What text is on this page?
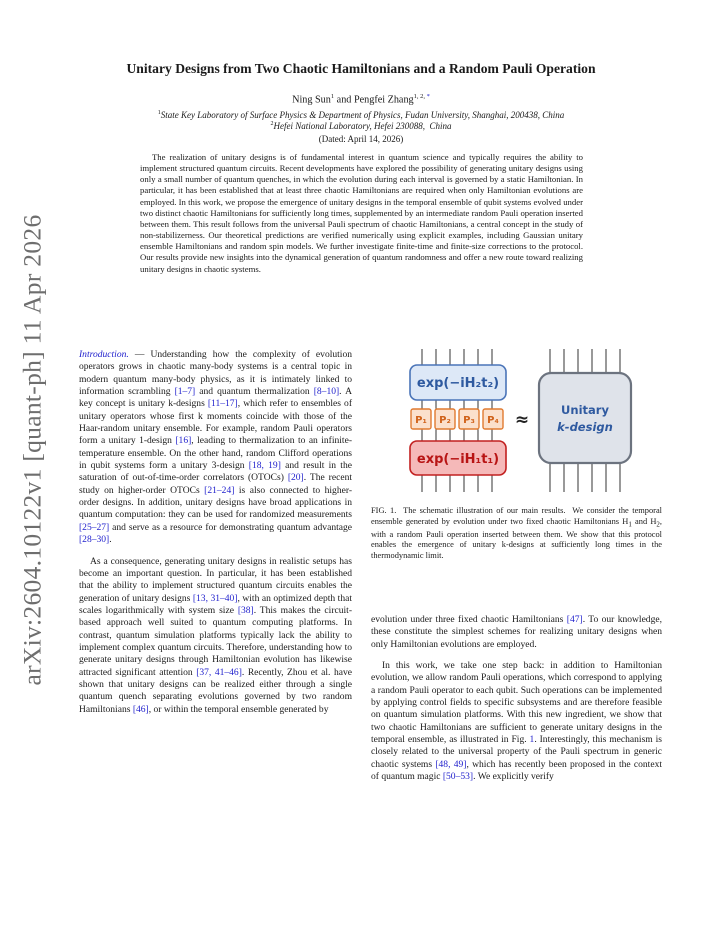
arXiv:2604.10122v1 [quant-ph] 11 Apr 2026
Unitary Designs from Two Chaotic Hamiltonians and a Random Pauli Operation
Ning Sun$^1$ and Pengfei Zhang$^{1, 2,}$ *
$^1$State Key Laboratory of Surface Physics & Department of Physics, Fudan University, Shanghai, 200438, China
$^2$Hefei National Laboratory, Hefei 230088,  China
(Dated: April 14, 2026)
The realization of unitary designs is of fundamental interest in quantum science and typically requires the ability to implement structured quantum circuits. Recent developments have explored the possibility of generating unitary designs using only a small number of quantum quenches, in which the evolution during each interval is governed by a static Hamiltonian. In particular, it has been established that at least three chaotic Hamiltonians are required when only Hamiltonian evolutions are employed. In this work, we propose the emergence of unitary designs in the temporal ensemble of qubit systems evolved under two distinct chaotic Hamiltonians for sufficiently long times, supplemented by an intermediate random Pauli operation inserted between them. This result follows from the universal Pauli spectrum of chaotic Hamiltonians, a central concept in the study of non-stabilizerness. Our theoretical predictions are verified numerically using explicit examples, including Gaussian unitary ensemble Hamiltonians and random spin models. We further investigate finite-time and finite-size corrections to the protocol. Our results provide new insights into the dynamical generation of quantum randomness and offer a new route toward realizing unitary designs in chaotic systems.

Introduction. — Understanding how the complexity of evolution operators grows in chaotic many-body systems is a central topic in modern quantum many-body physics, as it is intimately linked to information scrambling [1–7] and quantum thermalization [8–10]. A key concept is unitary k-designs [11–17], which refer to ensembles of unitary operators whose first k moments coincide with those of the Haar-random unitary ensemble. For example, random Pauli operators form a unitary 1-design [16], leading to thermalization to an infinite-temperature ensemble. On the other hand, random Clifford operations in qubit systems form a unitary 3-design [18, 19] and result in the saturation of out-of-time-order correlators (OTOCs) [20]. The recent study on higher-order OTOCs [21–24] is also connected to higher-order designs. In addition, unitary designs have broad applications in quantum computation: they can be used for randomized measurements [25–27] and serve as a resource for demonstrating quantum advantage [28–30].

As a consequence, generating unitary designs in realistic setups has become an important question. In particular, it has been established that the ability to implement structured quantum circuits enables the generation of unitary designs [13, 31–40], with an optimized depth that scales logarithmically with system size [38]. This makes the circuit-based approach well suited to quantum computing platforms. In contrast, quantum simulation platforms typically lack the ability to implement complex quantum circuits. Therefore, understanding how to generate unitary designs through Hamiltonian evolution has likewise attracted significant attention [37, 41–46]. Recently, Zhou et al. have shown that unitary designs can be realized either through a single quantum quench separating evolutions governed by two random Hamiltonians [46], or within the temporal ensemble generated by

exp(−iH₂t₂)
exp(−iH₁t₁)
P₁ P₂ P₃ P₄ ≈	Unitary
k-design
FIG. 1.  The schematic illustration of our main results.  We consider the temporal ensemble generated by evolution under two fixed chaotic Hamiltonians $H_1$ and $H_2$, with a random Pauli operation inserted between them. We show that this protocol enables the emergence of unitary k-designs at sufficiently long times in the thermodynamic limit.

evolution under three fixed chaotic Hamiltonians [47]. To our knowledge, these constitute the simplest schemes for realizing unitary designs when only Hamiltonian evolutions are employed.

In this work, we take one step back: in addition to Hamiltonian evolution, we allow random Pauli operations, which correspond to applying a random Pauli operator to each qubit. Such operations can be implemented by applying control fields to specific subsystems and are therefore feasible on quantum simulation platforms. With this new ingredient, we show that two chaotic Hamiltonians are sufficient to generate unitary designs in the temporal ensemble, as illustrated in Fig. 1. Interestingly, this mechanism is closely related to the universal property of the Pauli spectrum in generic chaotic systems [48, 49], which has recently been proposed in the context of quantum magic [50–53]. We explicitly verify
